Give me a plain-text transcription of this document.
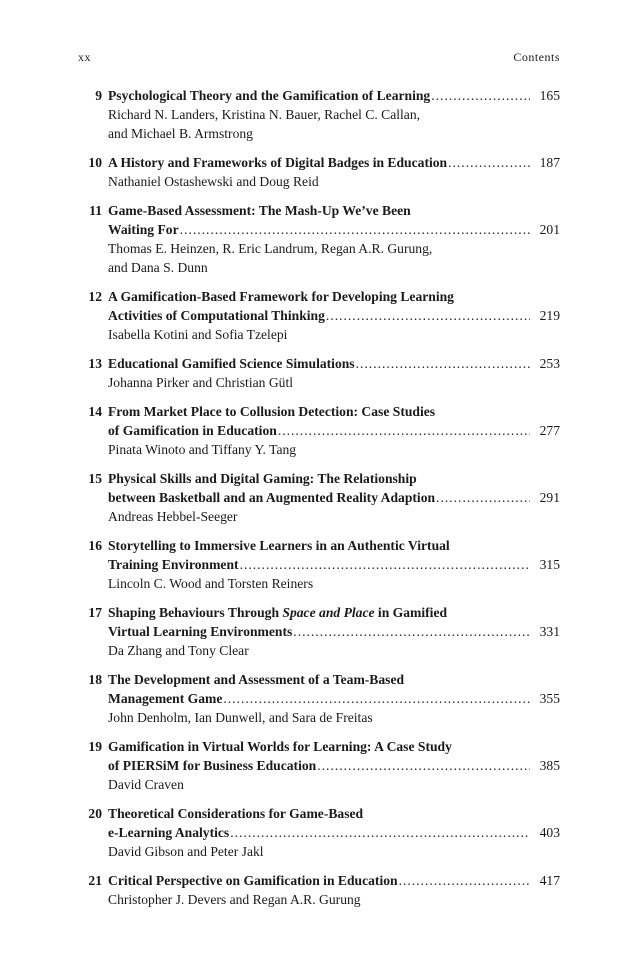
xx	Contents
9 Psychological Theory and the Gamification of Learning .....	165
Richard N. Landers, Kristina N. Bauer, Rachel C. Callan,
and Michael B. Armstrong
10 A History and Frameworks of Digital Badges in Education .....	187
Nathaniel Ostashewski and Doug Reid
11 Game-Based Assessment: The Mash-Up We’ve Been
Waiting For .....	201
Thomas E. Heinzen, R. Eric Landrum, Regan A.R. Gurung,
and Dana S. Dunn
12 A Gamification-Based Framework for Developing Learning
Activities of Computational Thinking .....	219
Isabella Kotini and Sofia Tzelepi
13 Educational Gamified Science Simulations .....	253
Johanna Pirker and Christian Gütl
14 From Market Place to Collusion Detection: Case Studies
of Gamification in Education .....	277
Pinata Winoto and Tiffany Y. Tang
15 Physical Skills and Digital Gaming: The Relationship
between Basketball and an Augmented Reality Adaption .....	291
Andreas Hebbel-Seeger
16 Storytelling to Immersive Learners in an Authentic Virtual
Training Environment .....	315
Lincoln C. Wood and Torsten Reiners
17 Shaping Behaviours Through Space and Place in Gamified
Virtual Learning Environments .....	331
Da Zhang and Tony Clear
18 The Development and Assessment of a Team-Based
Management Game .....	355
John Denholm, Ian Dunwell, and Sara de Freitas
19 Gamification in Virtual Worlds for Learning: A Case Study
of PIERSiM for Business Education .....	385
David Craven
20 Theoretical Considerations for Game-Based
e-Learning Analytics .....	403
David Gibson and Peter Jakl
21 Critical Perspective on Gamification in Education .....	417
Christopher J. Devers and Regan A.R. Gurung
